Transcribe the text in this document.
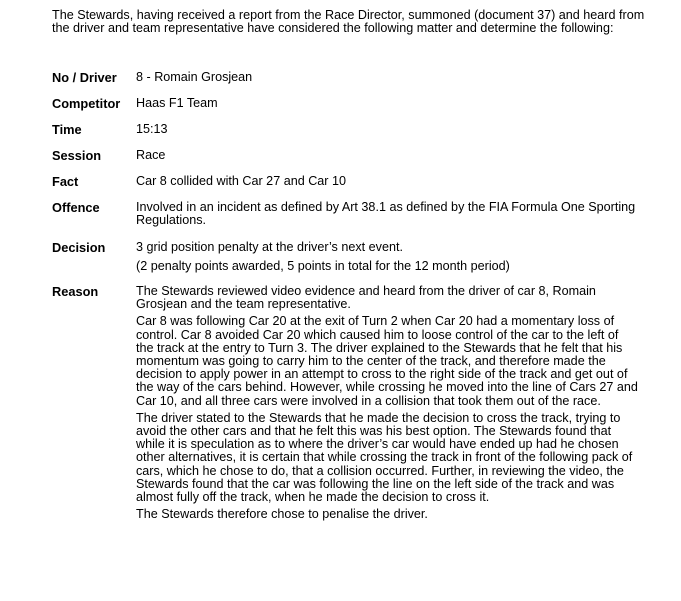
The Stewards, having received a report from the Race Director, summoned (document 37) and heard from the driver and team representative have considered the following matter and determine the following:

No / Driver 8 - Romain Grosjean

Competitor Haas F1 Team

Time	15:13

Session	Race

Fact	Car 8 collided with Car 27 and Car 10

Offence	Involved in an incident as defined by Art 38.1 as defined by the FIA Formula One Sporting Regulations.

Decision 3 grid position penalty at the driver’s next event.

(2 penalty points awarded, 5 points in total for the 12 month period)

Reason	The Stewards reviewed video evidence and heard from the driver of car 8, Romain Grosjean and the team representative.

Car 8 was following Car 20 at the exit of Turn 2 when Car 20 had a momentary loss of control. Car 8 avoided Car 20 which caused him to loose control of the car to the left of the track at the entry to Turn 3. The driver explained to the Stewards that he felt that his momentum was going to carry him to the center of the track, and therefore made the decision to apply power in an attempt to cross to the right side of the track and get out of the way of the cars behind. However, while crossing he moved into the line of Cars 27 and Car 10, and all three cars were involved in a collision that took them out of the race.

The driver stated to the Stewards that he made the decision to cross the track, trying to avoid the other cars and that he felt this was his best option. The Stewards found that while it is speculation as to where the driver’s car would have ended up had he chosen other alternatives, it is certain that while crossing the track in front of the following pack of cars, which he chose to do, that a collision occurred. Further, in reviewing the video, the Stewards found that the car was following the line on the left side of the track and was almost fully off the track, when he made the decision to cross it.

The Stewards therefore chose to penalise the driver.
